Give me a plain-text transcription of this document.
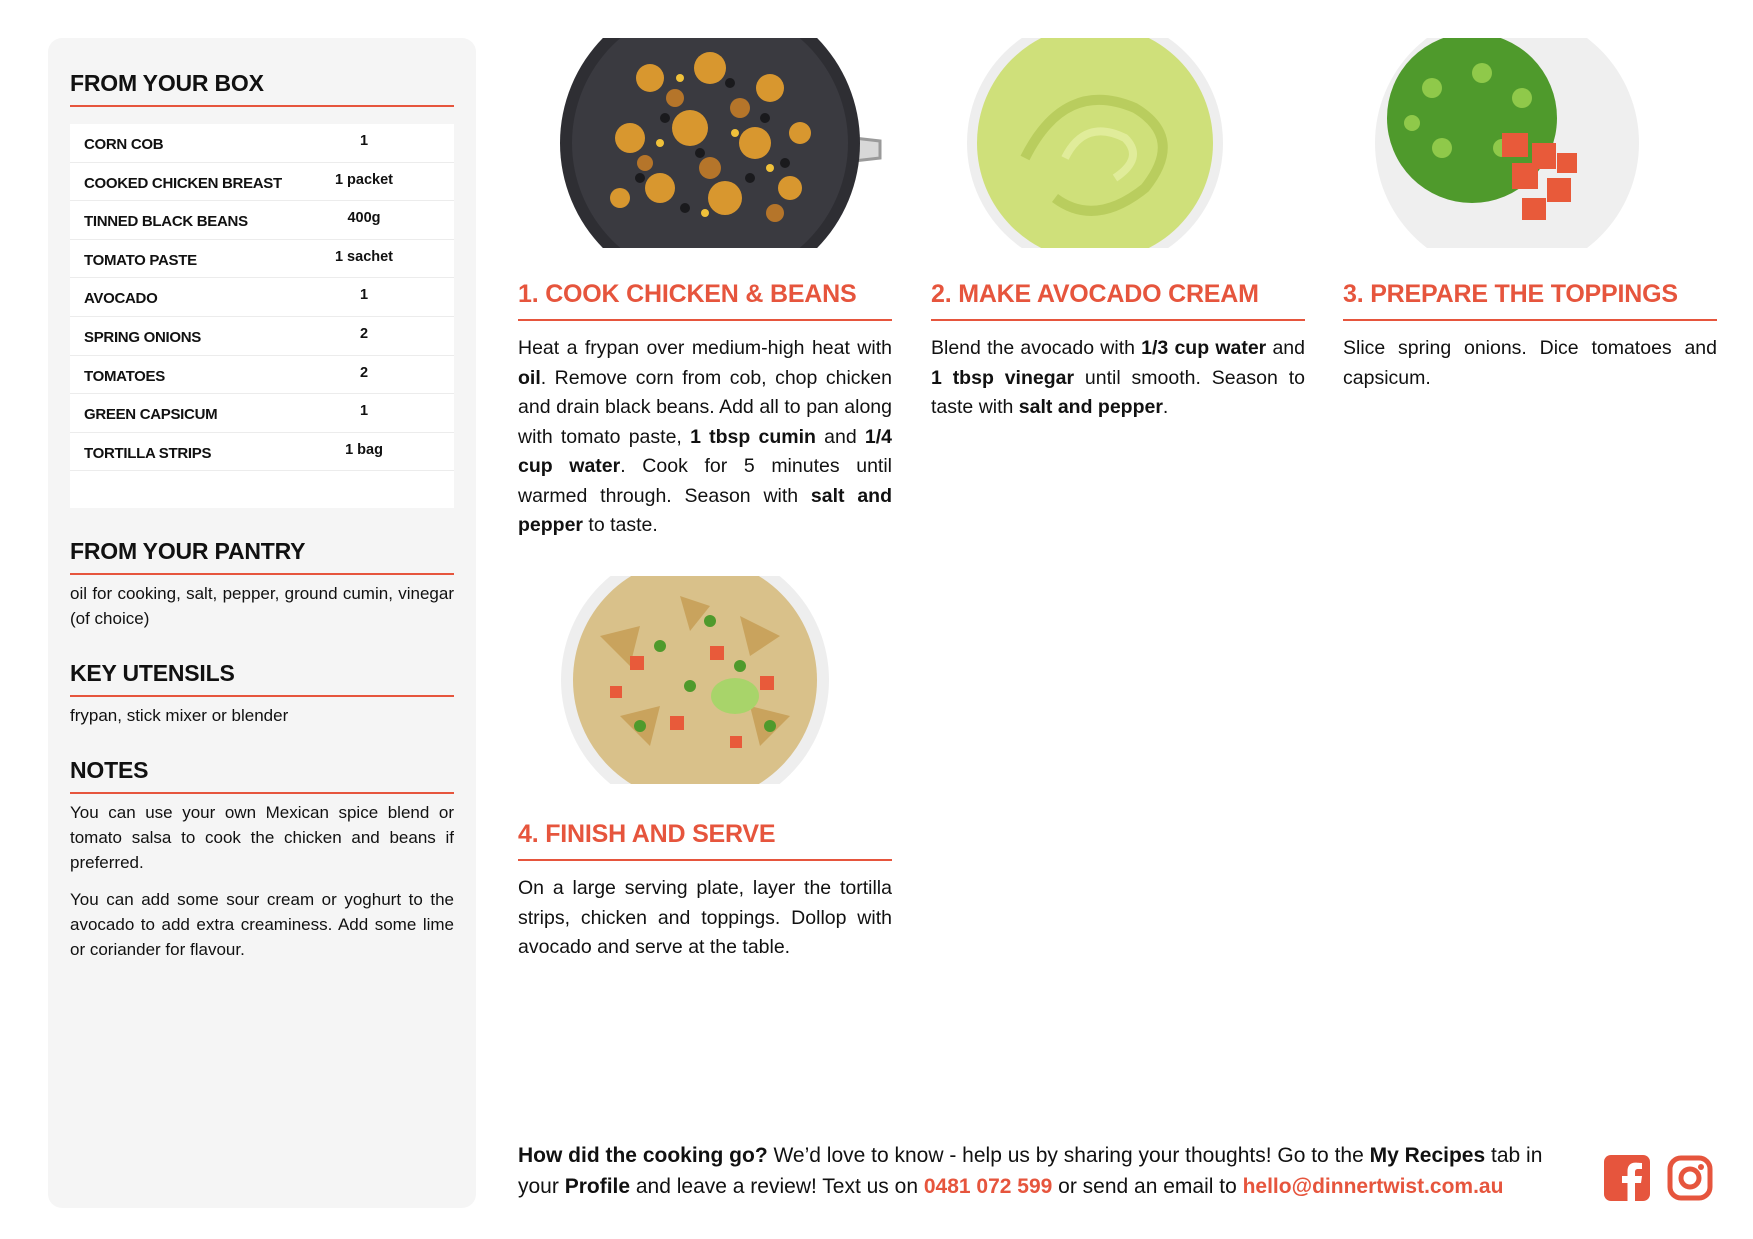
FROM YOUR BOX
CORN COB	1
COOKED CHICKEN BREAST	1 packet
TINNED BLACK BEANS	400g
TOMATO PASTE	1 sachet
AVOCADO	1
SPRING ONIONS	2
TOMATOES	2
GREEN CAPSICUM	1
TORTILLA STRIPS	1 bag
FROM YOUR PANTRY
oil for cooking, salt, pepper, ground cumin, vinegar (of choice)
KEY UTENSILS
frypan, stick mixer or blender
NOTES
You can use your own Mexican spice blend or tomato salsa to cook the chicken and beans if preferred.
You can add some sour cream or yoghurt to the avocado to add extra creaminess. Add some lime or coriander for flavour.
1. COOK CHICKEN & BEANS
Heat a frypan over medium-high heat with oil. Remove corn from cob, chop chicken and drain black beans. Add all to pan along with tomato paste, 1 tbsp cumin and 1/4 cup water. Cook for 5 minutes until warmed through. Season with salt and pepper to taste.
2. MAKE AVOCADO CREAM
Blend the avocado with 1/3 cup water and 1 tbsp vinegar until smooth. Season to taste with salt and pepper.
3. PREPARE THE TOPPINGS
Slice spring onions. Dice tomatoes and capsicum.
4. FINISH AND SERVE
On a large serving plate, layer the tortilla strips, chicken and toppings. Dollop with avocado and serve at the table.
How did the cooking go? We’d love to know - help us by sharing your thoughts! Go to the My Recipes tab in your Profile and leave a review! Text us on 0481 072 599 or send an email to hello@dinnertwist.com.au
